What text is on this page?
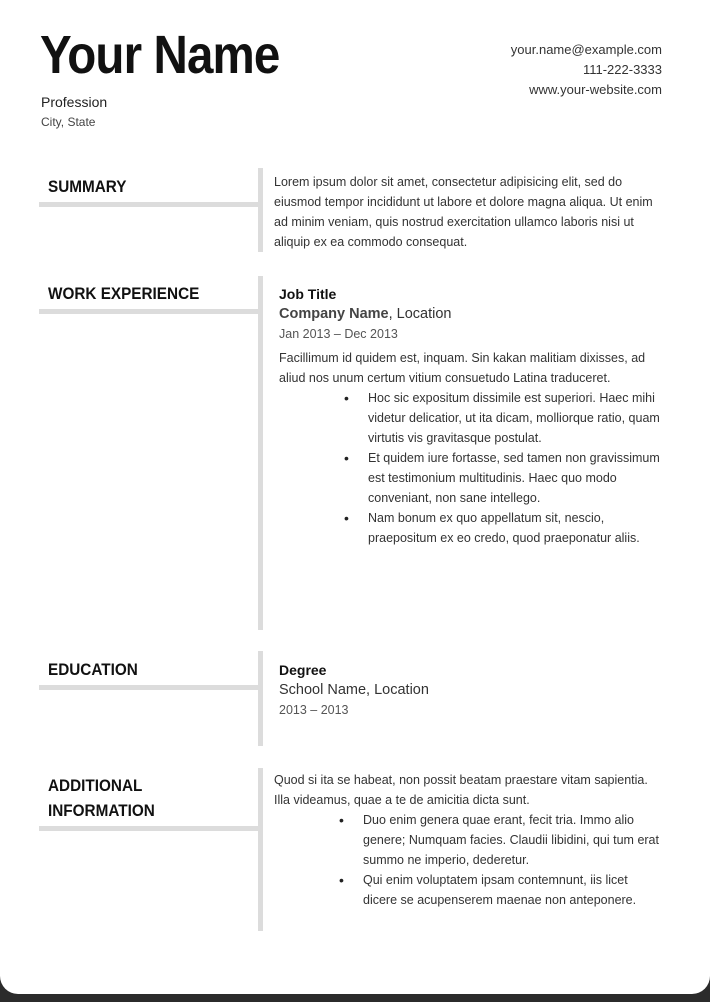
Your Name
Profession
City, State
your.name@example.com
111-222-3333
www.your-website.com
SUMMARY	Lorem ipsum dolor sit amet, consectetur adipisicing elit, sed do eiusmod tempor incididunt ut labore et dolore magna aliqua. Ut enim ad minim veniam, quis nostrud exercitation ullamco laboris nisi ut aliquip ex ea commodo consequat.
WORK EXPERIENCE	Job Title
Company Name, Location
Jan 2013 – Dec 2013
Facillimum id quidem est, inquam. Sin kakan malitiam dixisses, ad aliud nos unum certum vitium consuetudo Latina traduceret.
• Hoc sic expositum dissimile est superiori. Haec mihi videtur delicatior, ut ita dicam, molliorque ratio, quam virtutis vis gravitasque postulat.
• Et quidem iure fortasse, sed tamen non gravissimum est testimonium multitudinis. Haec quo modo conveniant, non sane intellego.
• Nam bonum ex quo appellatum sit, nescio, praepositum ex eo credo, quod praeponatur aliis.
EDUCATION	Degree
School Name, Location
2013 – 2013
ADDITIONAL
INFORMATION
Quod si ita se habeat, non possit beatam praestare vitam sapientia. Illa videamus, quae a te de amicitia dicta sunt.
• Duo enim genera quae erant, fecit tria. Immo alio genere; Numquam facies. Claudii libidini, qui tum erat summo ne imperio, dederetur.
• Qui enim voluptatem ipsam contemnunt, iis licet dicere se acupenserem maenae non anteponere.
